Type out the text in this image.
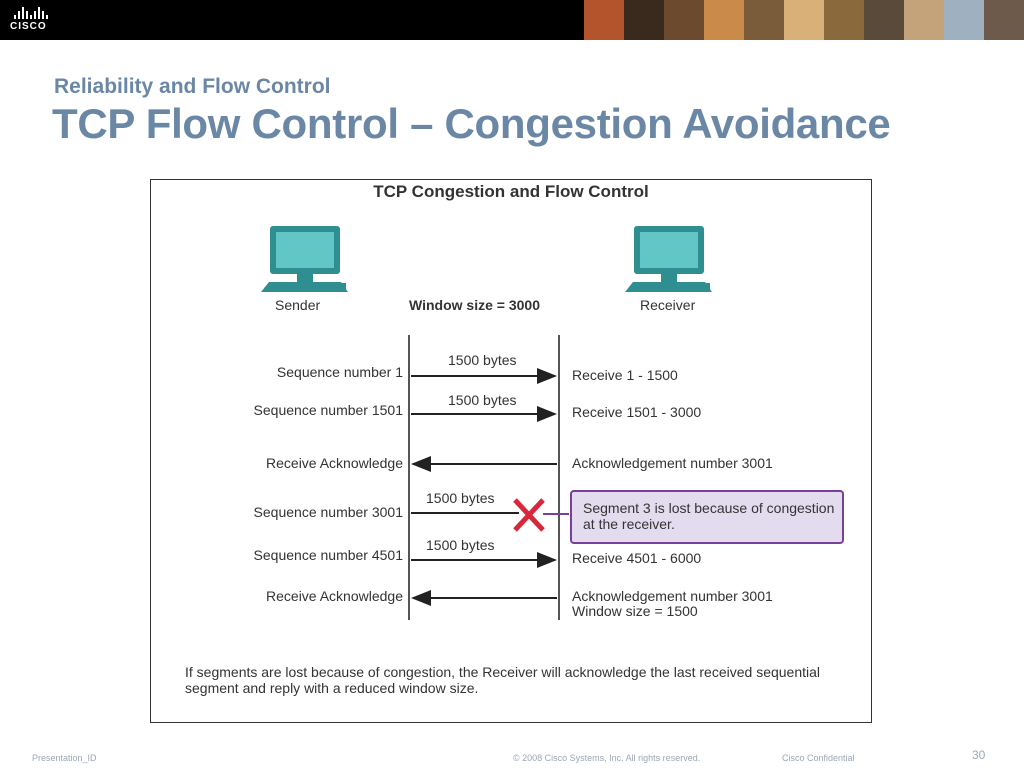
CISCO
Reliability and Flow Control
TCP Flow Control – Congestion Avoidance
TCP Congestion and Flow Control
Sender	Receiver
Window size = 3000
Sequence number 1
1500 bytes
Receive 1 - 1500
Sequence number 1501
1500 bytes
Receive 1501 - 3000
Receive Acknowledge	Acknowledgement number 3001
Sequence number 3001
1500 bytes
Sequence number 4501
1500 bytes
Receive 4501 - 6000
Receive Acknowledge	Acknowledgement number 3001
Window size = 1500
Segment 3 is lost because of congestion at the receiver.
If segments are lost because of congestion, the Receiver will acknowledge the last received sequential segment and reply with a reduced window size.
Presentation_ID	© 2008 Cisco Systems, Inc. All rights reserved.	Cisco Confidential	30
